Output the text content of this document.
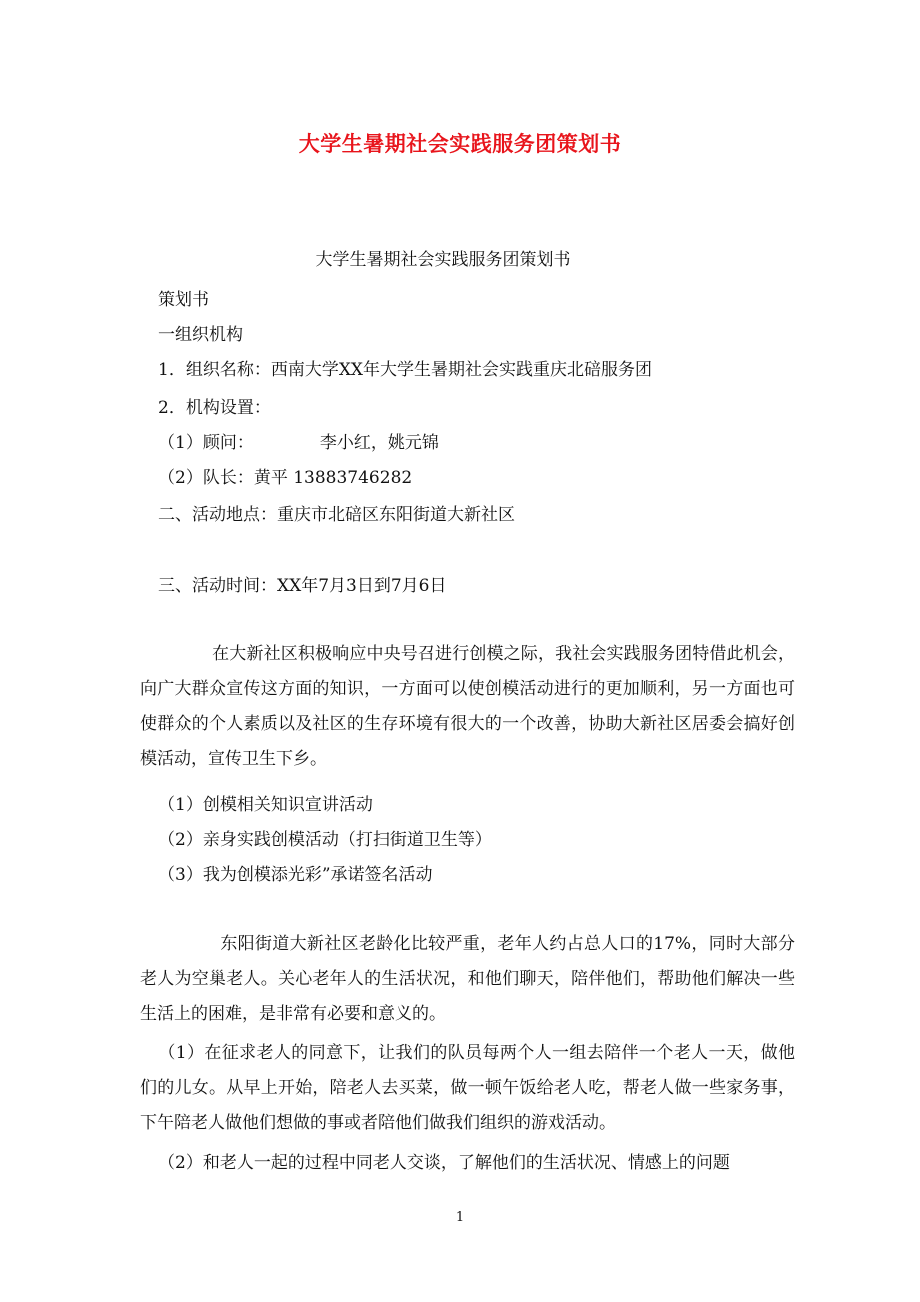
大学生暑期社会实践服务团策划书
大学生暑期社会实践服务团策划书
策划书
一组织机构
1．组织名称：西南大学XX年大学生暑期社会实践重庆北碚服务团
2．机构设置：
（1）顾问：	李小红，姚元锦
（2）队长：黄平 13883746282
二、活动地点：重庆市北碚区东阳街道大新社区
三、活动时间：XX年7月3日到7月6日
在大新社区积极响应中央号召进行创模之际，我社会实践服务团特借此机会，向广大群众宣传这方面的知识，一方面可以使创模活动进行的更加顺利，另一方面也可使群众的个人素质以及社区的生存环境有很大的一个改善，协助大新社区居委会搞好创模活动，宣传卫生下乡。
（1）创模相关知识宣讲活动
（2）亲身实践创模活动（打扫街道卫生等）
（3）我为创模添光彩”承诺签名活动
东阳街道大新社区老龄化比较严重，老年人约占总人口的17%，同时大部分老人为空巢老人。关心老年人的生活状况，和他们聊天，陪伴他们，帮助他们解决一些生活上的困难，是非常有必要和意义的。
（1）在征求老人的同意下，让我们的队员每两个人一组去陪伴一个老人一天，做他们的儿女。从早上开始，陪老人去买菜，做一顿午饭给老人吃，帮老人做一些家务事，下午陪老人做他们想做的事或者陪他们做我们组织的游戏活动。
（2）和老人一起的过程中同老人交谈，了解他们的生活状况、情感上的问题
1
